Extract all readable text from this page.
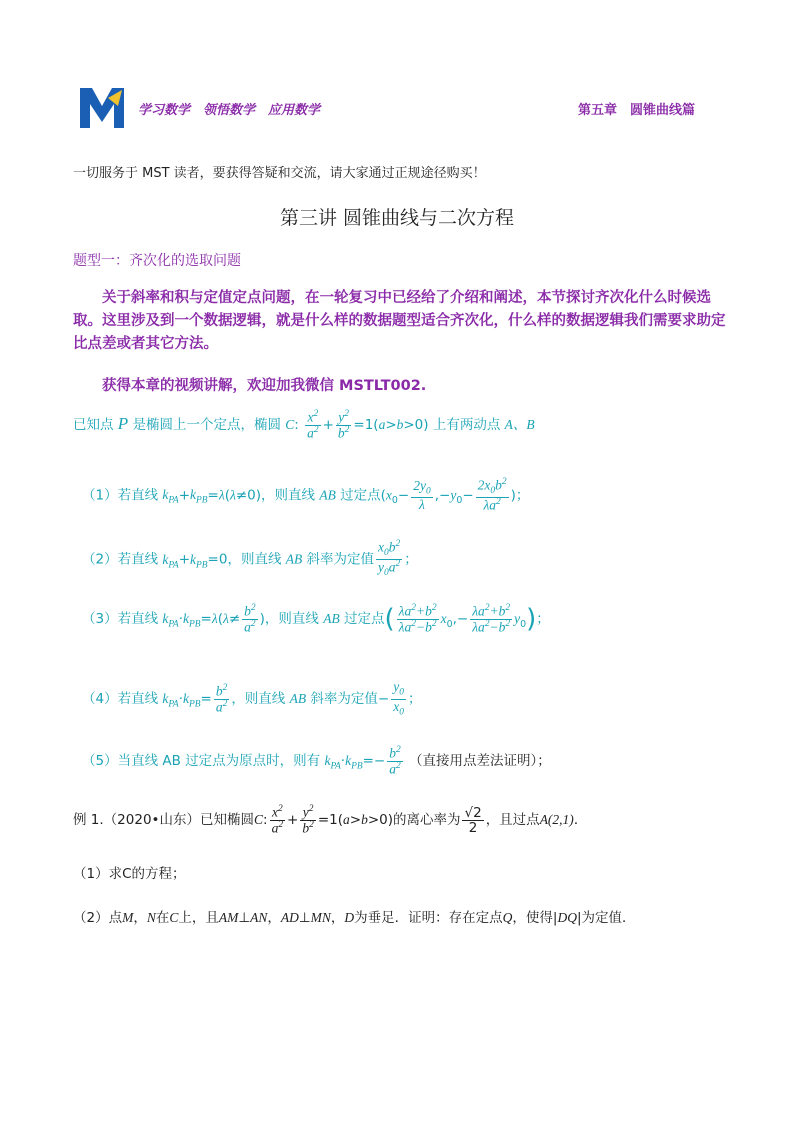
学习数学　领悟数学　应用数学	第五章　圆锥曲线篇
一切服务于 MST 读者，要获得答疑和交流，请大家通过正规途径购买！
第三讲 圆锥曲线与二次方程
题型一：齐次化的选取问题
关于斜率和积与定值定点问题，在一轮复习中已经给了介绍和阐述，本节探讨齐次化什么时候选取。这里涉及到一个数据逻辑，就是什么样的数据题型适合齐次化，什么样的数据逻辑我们需要求助定比点差或者其它方法。
获得本章的视频讲解，欢迎加我微信 MSTLT002.
已知点 P 是椭圆上一个定点，椭圆 C: $\frac{x^2}{a^2} + \frac{y^2}{b^2} =1(a>b>0)$ 上有两动点 A、B
（1）若直线 $k_{PA}+k_{PB}=\lambda(\lambda\ne 0)$，则直线 AB 过定点($x_0- \frac{2y_0}{\lambda} ,-y_0- \frac{2x_0b^2}{\lambda a^2}$ )；
（2）若直线 $k_{PA}+k_{PB}=0$，则直线 AB 斜率为定值 $\frac{x_0b^2}{y_0a^2}$ ；
（3）若直线 $k_{PA}\cdot k_{PB}=\lambda(\lambda\ne \frac{b^2}{a^2}$ )，则直线 AB 过定点( $\frac{\lambda a^2+b^2}{\lambda a^2-b^2} x_0,- \frac{\lambda a^2+b^2}{\lambda a^2-b^2} y_0$)；
（4）若直线 $k_{PA}\cdot k_{PB}= \frac{b^2}{a^2}$ ，则直线 AB 斜率为定值− $\frac{y_0}{x_0}$ ；
（5）当直线 AB 过定点为原点时，则有 $k_{PA}\cdot k_{PB}=- \frac{b^2}{a^2}$ （直接用点差法证明）；
例 1.（2020•山东）已知椭圆C: $\frac{x^2}{a^2} + \frac{y^2}{b^2} =1(a>b>0)$的离心率为 $\frac{√2}{2}$ ，且过点A(2,1)．
（1）求C的方程；
（2）点M，N在C上，且AM⊥AN，AD⊥MN，D为垂足．证明：存在定点Q，使得|DQ|为定值．
